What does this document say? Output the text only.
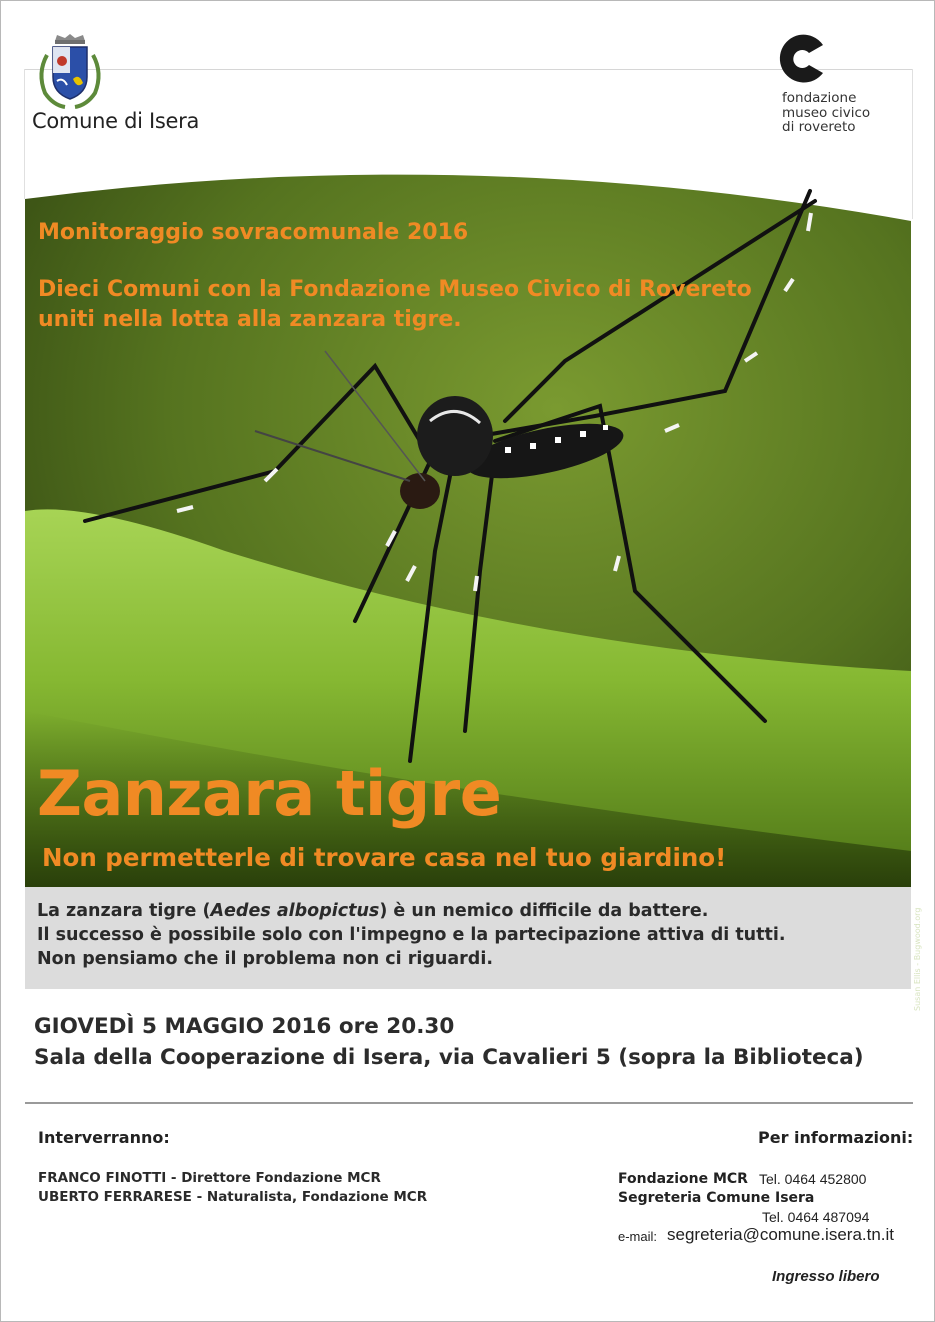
Comune di Isera
fondazione
museo civico
di rovereto
Susan Ellis - Bugwood.org
Monitoraggio sovracomunale 2016
Dieci Comuni con la Fondazione Museo Civico di Rovereto
uniti nella lotta alla zanzara tigre.
Zanzara tigre
Non permetterle di trovare casa nel tuo giardino!
La zanzara tigre (Aedes albopictus) è un nemico difficile da battere.
Il successo è possibile solo con l'impegno e la partecipazione attiva di tutti.
Non pensiamo che il problema non ci riguardi.
GIOVEDÌ 5 MAGGIO 2016 ore 20.30
Sala della Cooperazione di Isera, via Cavalieri 5 (sopra la Biblioteca)
Interverranno:
FRANCO FINOTTI - Direttore Fondazione MCR
UBERTO FERRARESE - Naturalista, Fondazione MCR
Per informazioni:
Fondazione MCR Tel. 0464 452800
Segreteria Comune Isera
Tel. 0464 487094
e-mail: segreteria@comune.isera.tn.it
Ingresso libero
